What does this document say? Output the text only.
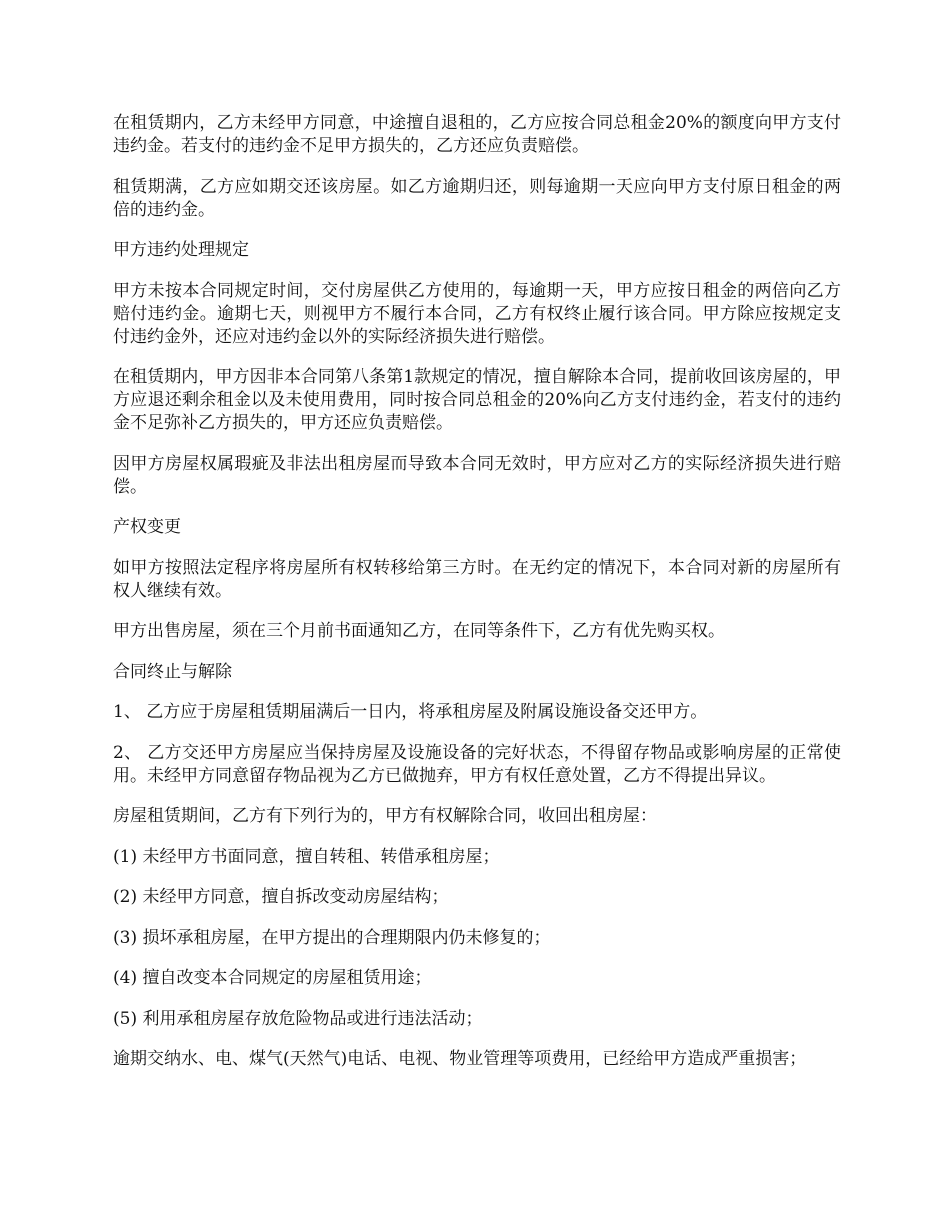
在租赁期内，乙方未经甲方同意，中途擅自退租的，乙方应按合同总租金20%的额度向甲方支付违约金。若支付的违约金不足甲方损失的，乙方还应负责赔偿。

租赁期满，乙方应如期交还该房屋。如乙方逾期归还，则每逾期一天应向甲方支付原日租金的两倍的违约金。

甲方违约处理规定

甲方未按本合同规定时间，交付房屋供乙方使用的，每逾期一天，甲方应按日租金的两倍向乙方赔付违约金。逾期七天，则视甲方不履行本合同，乙方有权终止履行该合同。甲方除应按规定支付违约金外，还应对违约金以外的实际经济损失进行赔偿。

在租赁期内，甲方因非本合同第八条第1款规定的情况，擅自解除本合同，提前收回该房屋的，甲方应退还剩余租金以及未使用费用，同时按合同总租金的20%向乙方支付违约金，若支付的违约金不足弥补乙方损失的，甲方还应负责赔偿。

因甲方房屋权属瑕疵及非法出租房屋而导致本合同无效时，甲方应对乙方的实际经济损失进行赔偿。

产权变更

如甲方按照法定程序将房屋所有权转移给第三方时。在无约定的情况下，本合同对新的房屋所有权人继续有效。

甲方出售房屋，须在三个月前书面通知乙方，在同等条件下，乙方有优先购买权。

合同终止与解除

1、 乙方应于房屋租赁期届满后一日内，将承租房屋及附属设施设备交还甲方。

2、 乙方交还甲方房屋应当保持房屋及设施设备的完好状态，不得留存物品或影响房屋的正常使用。未经甲方同意留存物品视为乙方已做抛弃，甲方有权任意处置，乙方不得提出异议。

房屋租赁期间，乙方有下列行为的，甲方有权解除合同，收回出租房屋：

(1) 未经甲方书面同意，擅自转租、转借承租房屋；

(2) 未经甲方同意，擅自拆改变动房屋结构；

(3) 损坏承租房屋，在甲方提出的合理期限内仍未修复的；

(4) 擅自改变本合同规定的房屋租赁用途；

(5) 利用承租房屋存放危险物品或进行违法活动；

逾期交纳水、电、煤气(天然气)电话、电视、物业管理等项费用，已经给甲方造成严重损害；
